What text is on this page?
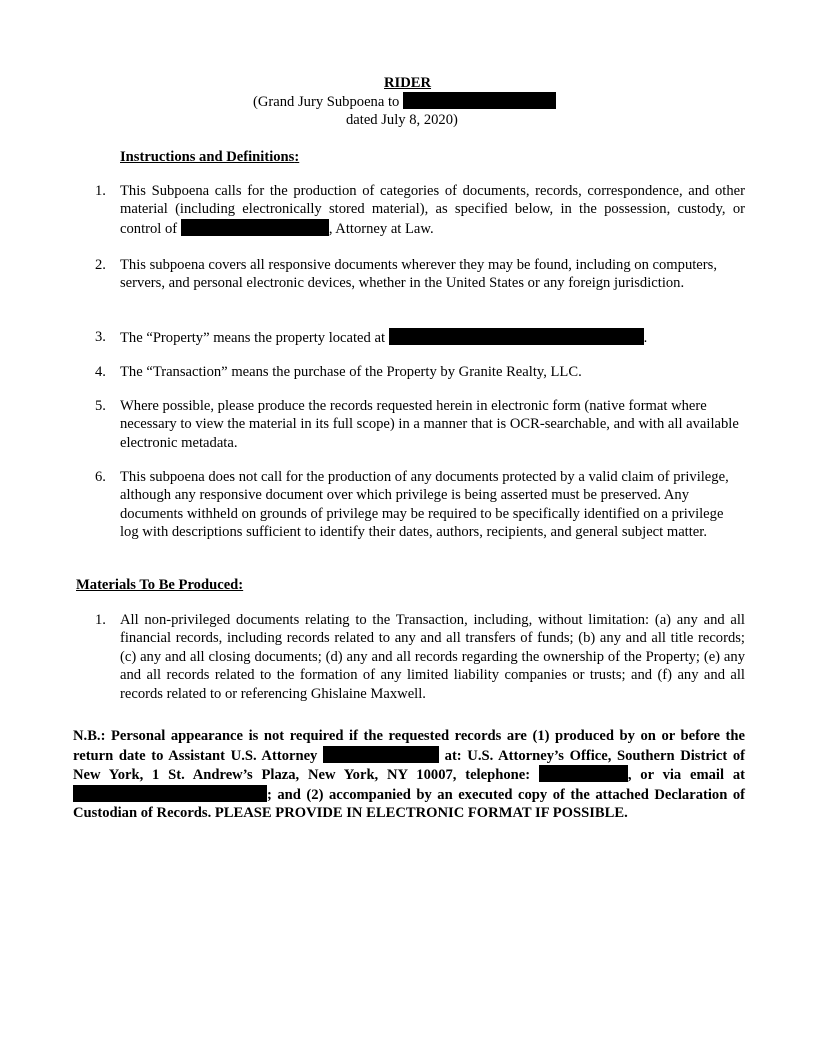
RIDER
(Grand Jury Subpoena to
dated July 8, 2020)
Instructions and Definitions:
1. This Subpoena calls for the production of categories of documents, records, correspondence, and other material (including electronically stored material), as specified below, in the possession, custody, or control of	, Attorney at Law.
2. This subpoena covers all responsive documents wherever they may be found, including on computers, servers, and personal electronic devices, whether in the United States or any foreign jurisdiction.
3. The “Property” means the property located at	.
4. The “Transaction” means the purchase of the Property by Granite Realty, LLC.
5. Where possible, please produce the records requested herein in electronic form (native format where necessary to view the material in its full scope) in a manner that is OCR-searchable, and with all available electronic metadata.
6. This subpoena does not call for the production of any documents protected by a valid claim of privilege, although any responsive document over which privilege is being asserted must be preserved. Any documents withheld on grounds of privilege may be required to be specifically identified on a privilege log with descriptions sufficient to identify their dates, authors, recipients, and general subject matter.
Materials To Be Produced:
1. All non-privileged documents relating to the Transaction, including, without limitation: (a) any and all financial records, including records related to any and all transfers of funds; (b) any and all title records; (c) any and all closing documents; (d) any and all records regarding the ownership of the Property; (e) any and all records related to the formation of any limited liability companies or trusts; and (f) any and all records related to or referencing Ghislaine Maxwell.
N.B.: Personal appearance is not required if the requested records are (1) produced by on or before the return date to Assistant U.S. Attorney	at: U.S. Attorney’s Office, Southern District of New York, 1 St. Andrew’s Plaza, New York, NY 10007, telephone:	, or via email at ; and (2) accompanied by an executed copy of the attached Declaration of Custodian of Records. PLEASE PROVIDE IN ELECTRONIC FORMAT IF POSSIBLE.
